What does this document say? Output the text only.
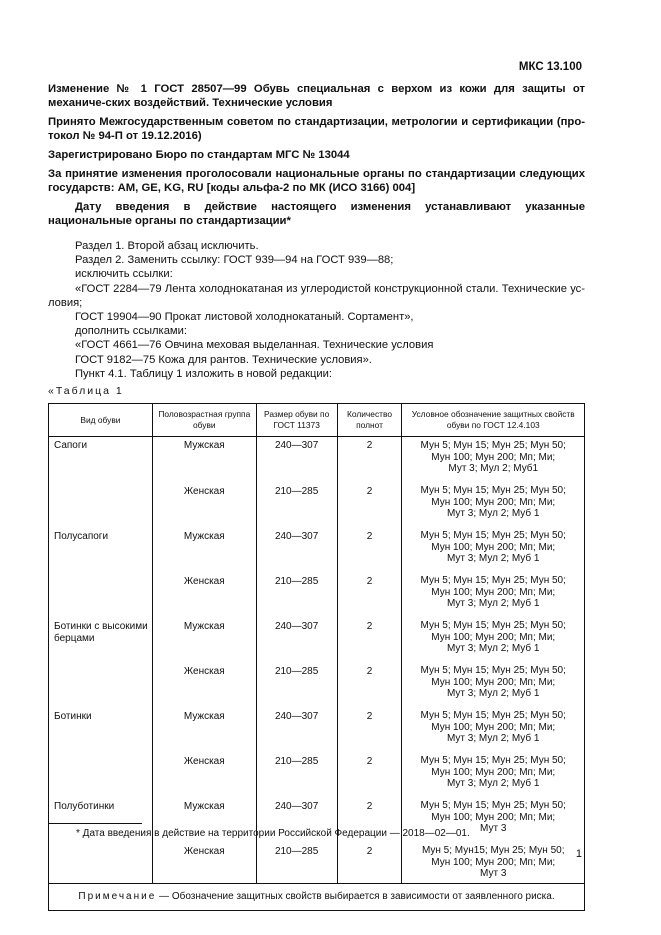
МКС 13.100
Изменение № 1 ГОСТ 28507—99 Обувь специальная с верхом из кожи для защиты от механиче-ских воздействий. Технические условия
Принято Межгосударственным советом по стандартизации, метрологии и сертификации (про-токол № 94-П от 19.12.2016)
Зарегистрировано Бюро по стандартам МГС № 13044
За принятие изменения проголосовали национальные органы по стандартизации следующих государств: AM, GE, KG, RU [коды альфа-2 по МК (ИСО 3166) 004]
Дату введения в действие настоящего изменения устанавливают указанные национальные органы по стандартизации*
Раздел 1. Второй абзац исключить.
Раздел 2. Заменить ссылку: ГОСТ 939—94 на ГОСТ 939—88;
исключить ссылки:
«ГОСТ 2284—79 Лента холоднокатаная из углеродистой конструкционной стали. Технические ус-ловия;
ГОСТ 19904—90 Прокат листовой холоднокатаный. Сортамент»,
дополнить ссылками:
«ГОСТ 4661—76 Овчина меховая выделанная. Технические условия
ГОСТ 9182—75 Кожа для рантов. Технические условия».
Пункт 4.1. Таблицу 1 изложить в новой редакции:
«Таблица 1
Вид обуви	Половозрастная группа обуви	Размер обуви по ГОСТ 11373	Количество полнот	Условное обозначение защитных свойств обуви по ГОСТ 12.4.103
Сапоги	Мужская	240—307	2	Мун 5; Мун 15; Мун 25; Мун 50;
Мун 100; Мун 200; Мп; Ми;
Мут 3; Мул 2; Муб1

	Женская	210—285	2	Мун 5; Мун 15; Мун 25; Мун 50;
Мун 100; Мун 200; Мп; Ми;
Мут 3; Мул 2; Муб 1

Полусапоги	Мужская	240—307	2	Мун 5; Мун 15; Мун 25; Мун 50;
Мун 100; Мун 200; Мп; Ми;
Мут 3; Мул 2; Муб 1

	Женская	210—285	2	Мун 5; Мун 15; Мун 25; Мун 50;
Мун 100; Мун 200; Мп; Ми;
Мут 3; Мул 2; Муб 1

Ботинки с высокими берцами	Мужская	240—307	2	Мун 5; Мун 15; Мун 25; Мун 50;
Мун 100; Мун 200; Мп; Ми;
Мут 3; Мул 2; Муб 1

	Женская	210—285	2	Мун 5; Мун 15; Мун 25; Мун 50;
Мун 100; Мун 200; Мп; Ми;
Мут 3; Мул 2; Муб 1

Ботинки	Мужская	240—307	2	Мун 5; Мун 15; Мун 25; Мун 50;
Мун 100; Мун 200; Мп; Ми;
Мут 3; Мул 2; Муб 1

	Женская	210—285	2	Мун 5; Мун 15; Мун 25; Мун 50;
Мун 100; Мун 200; Мп; Ми;
Мут 3; Мул 2; Муб 1

Полуботинки	Мужская	240—307	2	Мун 5; Мун 15; Мун 25; Мун 50;
Мун 100; Мун 200; Мп; Ми;
Мут 3

	Женская	210—285	2	Мун 5; Мун15; Мун 25; Мун 50;
Мун 100; Мун 200; Мп; Ми;
Мут 3

Примечание — Обозначение защитных свойств выбирается в зависимости от заявленного риска.				
* Дата введения в действие на территории Российской Федерации — 2018—02—01.
1
